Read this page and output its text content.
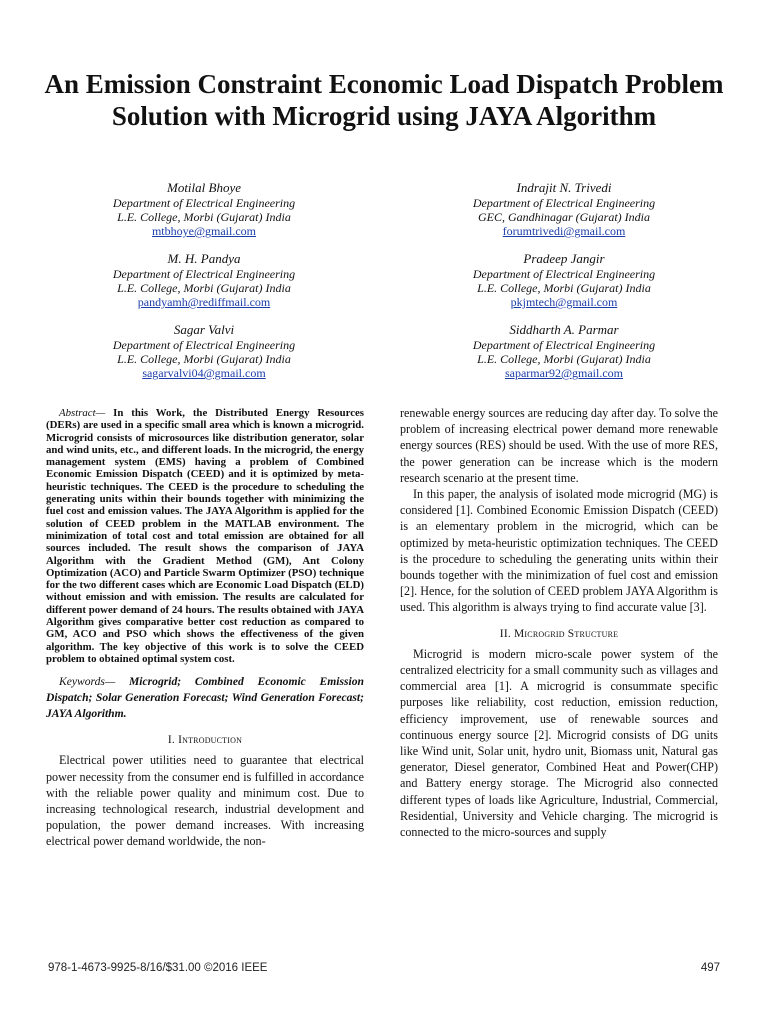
An Emission Constraint Economic Load Dispatch Problem Solution with Microgrid using JAYA Algorithm
Motilal Bhoye
Department of Electrical Engineering
L.E. College, Morbi (Gujarat) India
mtbhoye@gmail.com
Indrajit N. Trivedi
Department of Electrical Engineering
GEC, Gandhinagar (Gujarat) India
forumtrivedi@gmail.com
M. H. Pandya
Department of Electrical Engineering
L.E. College, Morbi (Gujarat) India
pandyamh@rediffmail.com
Pradeep Jangir
Department of Electrical Engineering
L.E. College, Morbi (Gujarat) India
pkjmtech@gmail.com
Sagar Valvi
Department of Electrical Engineering
L.E. College, Morbi (Gujarat) India
sagarvalvi04@gmail.com
Siddharth A. Parmar
Department of Electrical Engineering
L.E. College, Morbi (Gujarat) India
saparmar92@gmail.com

Abstract— In this Work, the Distributed Energy Resources (DERs) are used in a specific small area which is known a microgrid. Microgrid consists of microsources like distribution generator, solar and wind units, etc., and different loads. In the microgrid, the energy management system (EMS) having a problem of Combined Economic Emission Dispatch (CEED) and it is optimized by meta-heuristic techniques. The CEED is the procedure to scheduling the generating units within their bounds together with minimizing the fuel cost and emission values. The JAYA Algorithm is applied for the solution of CEED problem in the MATLAB environment. The minimization of total cost and total emission are obtained for all sources included. The result shows the comparison of JAYA Algorithm with the Gradient Method (GM), Ant Colony Optimization (ACO) and Particle Swarm Optimizer (PSO) technique for the two different cases which are Economic Load Dispatch (ELD) without emission and with emission. The results are calculated for different power demand of 24 hours. The results obtained with JAYA Algorithm gives comparative better cost reduction as compared to GM, ACO and PSO which shows the effectiveness of the given algorithm. The key objective of this work is to solve the CEED problem to obtained optimal system cost.

Keywords— Microgrid; Combined Economic Emission Dispatch; Solar Generation Forecast; Wind Generation Forecast; JAYA Algorithm.

I. Introduction

Electrical power utilities need to guarantee that electrical power necessity from the consumer end is fulfilled in accordance with the reliable power quality and minimum cost. Due to increasing technological research, industrial development and population, the power demand increases. With increasing electrical power demand worldwide, the non-

renewable energy sources are reducing day after day. To solve the problem of increasing electrical power demand more renewable energy sources (RES) should be used. With the use of more RES, the power generation can be increase which is the modern research scenario at the present time.

In this paper, the analysis of isolated mode microgrid (MG) is considered [1]. Combined Economic Emission Dispatch (CEED) is an elementary problem in the microgrid, which can be optimized by meta-heuristic optimization techniques. The CEED is the procedure to scheduling the generating units within their bounds together with the minimization of fuel cost and emission [2]. Hence, for the solution of CEED problem JAYA Algorithm is used. This algorithm is always trying to find accurate value [3].

II. Microgrid Structure

Microgrid is modern micro-scale power system of the centralized electricity for a small community such as villages and commercial area [1]. A microgrid is consummate specific purposes like reliability, cost reduction, emission reduction, efficiency improvement, use of renewable sources and continuous energy source [2]. Microgrid consists of DG units like Wind unit, Solar unit, hydro unit, Biomass unit, Natural gas generator, Diesel generator, Combined Heat and Power(CHP) and Battery energy storage. The Microgrid also connected different types of loads like Agriculture, Industrial, Commercial, Residential, University and Vehicle charging. The microgrid is connected to the micro-sources and supply

978-1-4673-9925-8/16/$31.00 ©2016 IEEE	497
